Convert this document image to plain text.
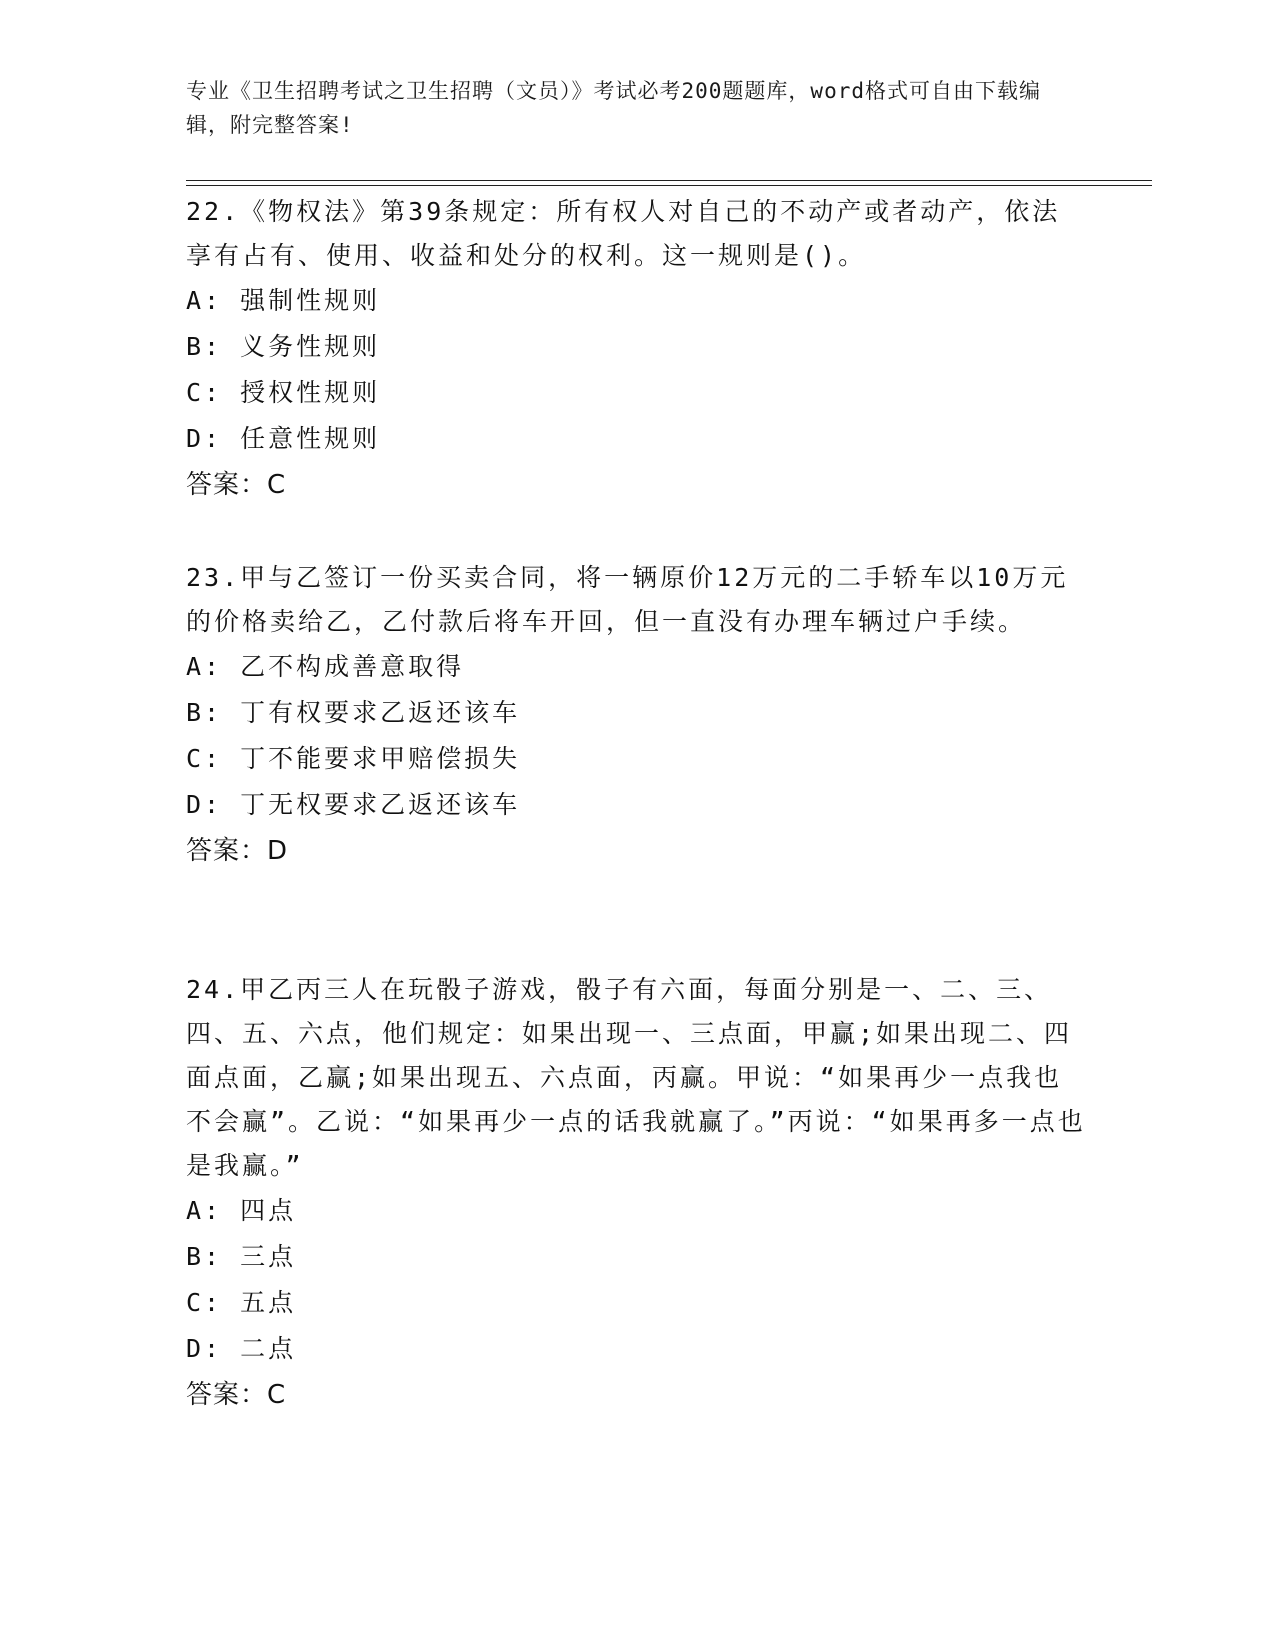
专业《卫生招聘考试之卫生招聘（文员）》考试必考200题题库，word格式可自由下载编辑，附完整答案!

22.《物权法》第39条规定：所有权人对自己的不动产或者动产，依法享有占有、使用、收益和处分的权利。这一规则是()。

A: 强制性规则
B: 义务性规则
C: 授权性规则
D: 任意性规则
答案：C

23.甲与乙签订一份买卖合同，将一辆原价12万元的二手轿车以10万元的价格卖给乙，乙付款后将车开回，但一直没有办理车辆过户手续。

A: 乙不构成善意取得
B: 丁有权要求乙返还该车
C: 丁不能要求甲赔偿损失
D: 丁无权要求乙返还该车
答案：D

24.甲乙丙三人在玩骰子游戏，骰子有六面，每面分别是一、二、三、四、五、六点，他们规定：如果出现一、三点面，甲赢;如果出现二、四面点面，乙赢;如果出现五、六点面，丙赢。甲说：“如果再少一点我也不会赢”。乙说：“如果再少一点的话我就赢了。”丙说：“如果再多一点也是我赢。”

A: 四点
B: 三点
C: 五点
D: 二点
答案：C
